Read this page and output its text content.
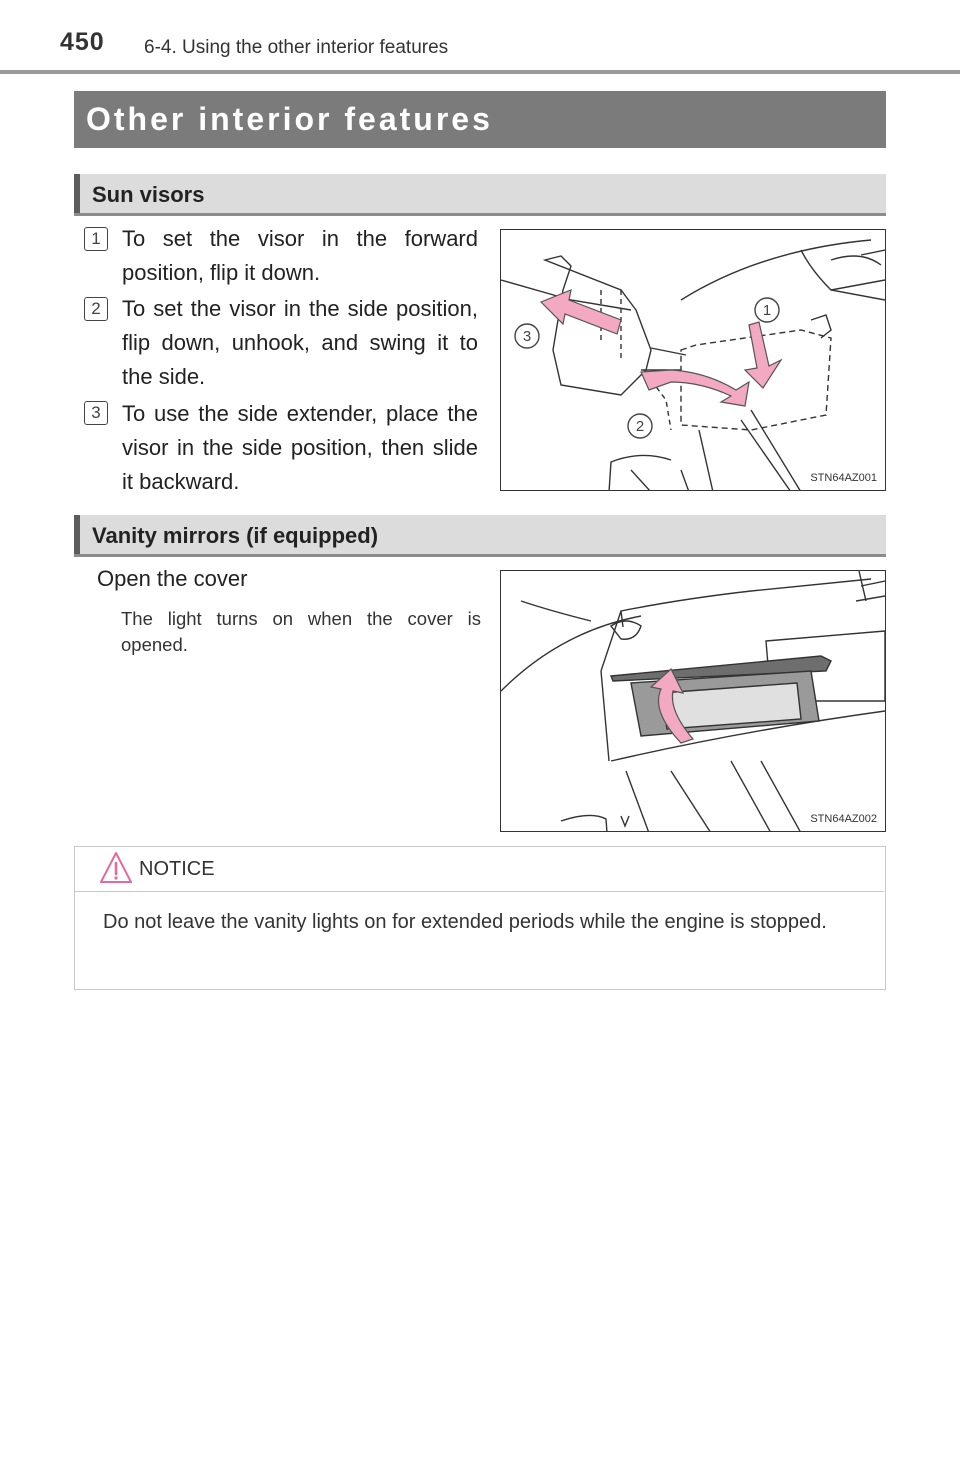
450 6-4. Using the other interior features
Other interior features
Sun visors
1 To set the visor in the forward position, flip it down.
2 To set the visor in the side position, flip down, unhook, and swing it to the side.
3 To use the side extender, place the visor in the side position, then slide it backward.
1
2
3
STN64AZ001
Vanity mirrors (if equipped)
Open the cover
The light turns on when the cover is opened.
STN64AZ002
NOTICE
Do not leave the vanity lights on for extended periods while the engine is stopped.
